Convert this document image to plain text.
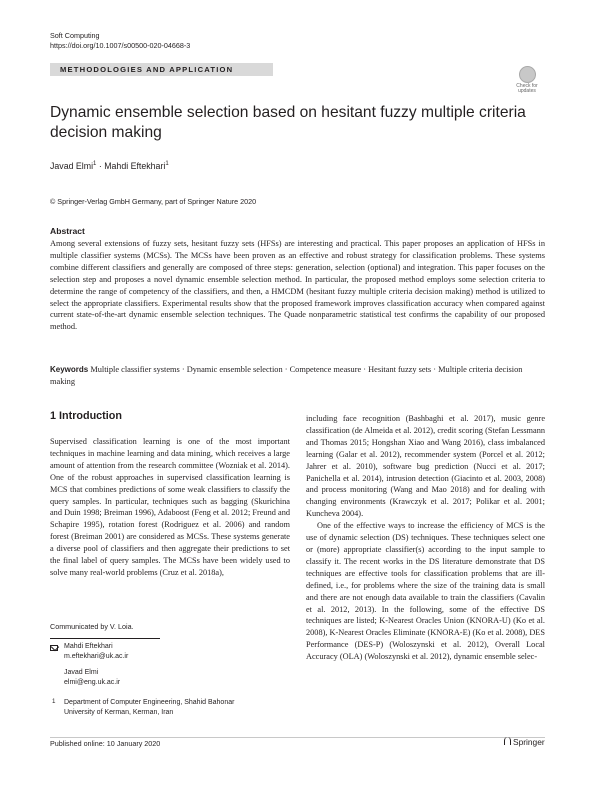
Soft Computing
https://doi.org/10.1007/s00500-020-04668-3
METHODOLOGIES AND APPLICATION
Check for
updates
Dynamic ensemble selection based on hesitant fuzzy multiple criteria decision making
Javad Elmi$^1$ · Mahdi Eftekhari$^1$
© Springer-Verlag GmbH Germany, part of Springer Nature 2020
Abstract

Among several extensions of fuzzy sets, hesitant fuzzy sets (HFSs) are interesting and practical. This paper proposes an application of HFSs in multiple classifier systems (MCSs). The MCSs have been proven as an effective and robust strategy for classification problems. These systems combine different classifiers and generally are composed of three steps: generation, selection (optional) and integration. This paper focuses on the selection step and proposes a novel dynamic ensemble selection method. In particular, the proposed method employs some selection criteria to determine the range of competency of the classifiers, and then, a HMCDM (hesitant fuzzy multiple criteria decision making) method is utilized to select the appropriate classifiers. Experimental results show that the proposed framework improves classification accuracy when compared against current state-of-the-art dynamic ensemble selection techniques. The Quade nonparametric statistical test confirms the capability of our proposed method.

Keywords Multiple classifier systems · Dynamic ensemble selection · Competence measure · Hesitant fuzzy sets · Multiple criteria decision making
1 Introduction

Supervised classification learning is one of the most important techniques in machine learning and data mining, which receives a large amount of attention from the research committee (Wozniak et al. 2014). One of the robust approaches in supervised classification learning is MCS that combines predictions of some weak classifiers to classify the query samples. In particular, techniques such as bagging (Skurichina and Duin 1998; Breiman 1996), Adaboost (Feng et al. 2012; Freund and Schapire 1995), rotation forest (Rodriguez et al. 2006) and random forest (Breiman 2001) are considered as MCSs. These systems generate a diverse pool of classifiers and then aggregate their predictions to set the final label of query samples. The MCSs have been widely used to solve many real-world problems (Cruz et al. 2018a),

including face recognition (Bashbaghi et al. 2017), music genre classification (de Almeida et al. 2012), credit scoring (Stefan Lessmann and Thomas 2015; Hongshan Xiao and Wang 2016), class imbalanced learning (Galar et al. 2012), recommender system (Porcel et al. 2012; Jahrer et al. 2010), software bug prediction (Nucci et al. 2017; Panichella et al. 2014), intrusion detection (Giacinto et al. 2003, 2008) and process monitoring (Wang and Mao 2018) and for dealing with changing environments (Krawczyk et al. 2017; Polikar et al. 2001; Kuncheva 2004).

One of the effective ways to increase the efficiency of MCS is the use of dynamic selection (DS) techniques. These techniques select one or (more) appropriate classifier(s) according to the input sample to classify it. The recent works in the DS literature demonstrate that DS techniques are effective tools for classification problems that are ill-defined, i.e., for problems where the size of the training data is small and there are not enough data available to train the classifiers (Cavalin et al. 2012, 2013). In the following, some of the effective DS techniques are listed; K-Nearest Oracles Union (KNORA-U) (Ko et al. 2008), K-Nearest Oracles Eliminate (KNORA-E) (Ko et al. 2008), DES Performance (DES-P) (Woloszynski et al. 2012), Overall Local Accuracy (OLA) (Woloszynski et al. 2012), dynamic ensemble selec-

Communicated by V. Loia.
Mahdi Eftekhari
m.eftekhari@uk.ac.ir
Javad Elmi
elmi@eng.uk.ac.ir
1 Department of Computer Engineering, Shahid Bahonar
University of Kerman, Kerman, Iran
Published online: 10 January 2020	Springer
